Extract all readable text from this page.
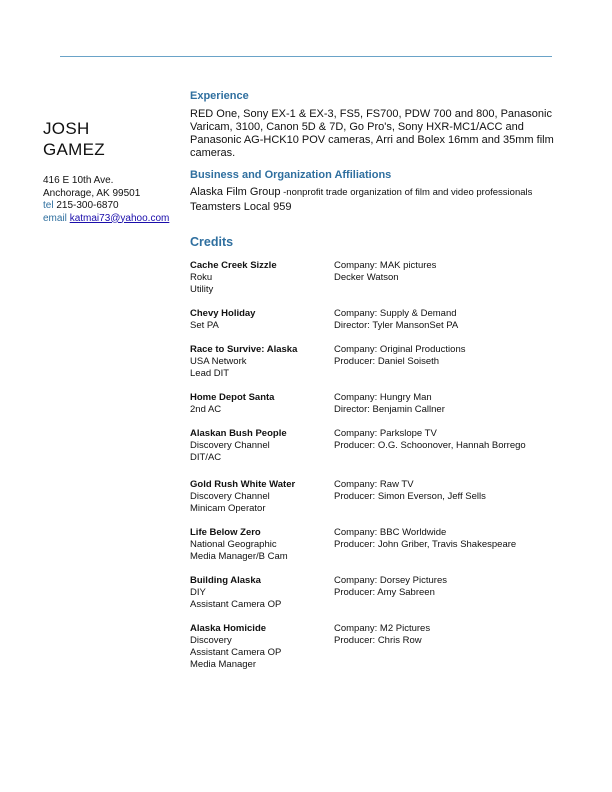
JOSH
GAMEZ
416 E 10th Ave.
Anchorage, AK 99501
tel 215-300-6870
email katmai73@yahoo.com
Experience
RED One, Sony EX-1 & EX-3, FS5, FS700, PDW 700 and 800, Panasonic Varicam, 3100, Canon 5D & 7D, Go Pro's, Sony HXR-MC1/ACC and Panasonic AG-HCK10 POV cameras, Arri and Bolex 16mm and 35mm film cameras.
Business and Organization Affiliations
Alaska Film Group -nonprofit trade organization of film and video professionals
Teamsters Local 959
Credits
Cache Creek Sizzle
Roku
Utility
Company: MAK pictures
Decker Watson
Chevy Holiday
Set PA
Company: Supply & Demand
Director: Tyler MansonSet PA
Race to Survive: Alaska
USA Network
Lead DIT
Company: Original Productions
Producer: Daniel Soiseth
Home Depot Santa
2nd AC
Company: Hungry Man
Director: Benjamin Callner
Alaskan Bush People
Discovery Channel
DIT/AC
Company: Parkslope TV
Producer: O.G. Schoonover, Hannah Borrego
Gold Rush White Water
Discovery Channel
Minicam Operator
Company: Raw TV
Producer: Simon Everson, Jeff Sells
Life Below Zero
National Geographic
Media Manager/B Cam
Company: BBC Worldwide
Producer: John Griber, Travis Shakespeare
Building Alaska
DIY
Assistant Camera OP
Company: Dorsey Pictures
Producer: Amy Sabreen
Alaska Homicide
Discovery
Assistant Camera OP
Media Manager
Company: M2 Pictures
Producer: Chris Row
